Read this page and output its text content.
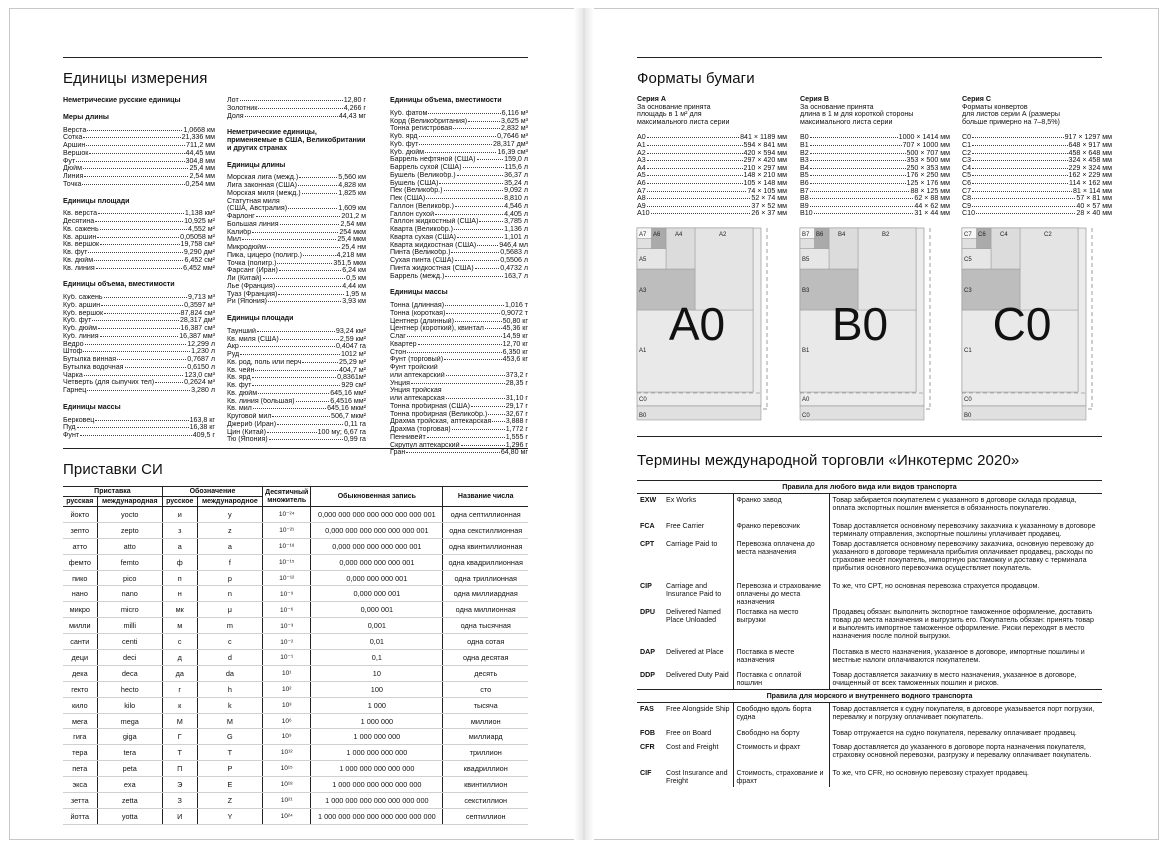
Единицы измерения
Неметрические русские единицы
Меры длины
Верста	1,0668 км
Сотка	21,336 мм
Аршин	711,2 мм
Вершок	44,45 мм
Фут	304,8 мм
Дюйм	25,4 мм
Линия	2,54 мм
Точка	0,254 мм
Единицы площади
Кв. верста	1,138 км²
Десятина	10,925 м²
Кв. сажень	4,552 м²
Кв. аршин	0,05058 м²
Кв. вершок	19,758 см²
Кв. фут	9,290 дм²
Кв. дюйм	6,452 см²
Кв. линия	6,452 мм²
Единицы объема, вместимости
Куб. сажень	9,713 м³
Куб. аршин	0,3597 м³
Куб. вершок	87,824 см³
Куб. фут	28,317 дм³
Куб. дюйм	16,387 см³
Куб. линия	16,387 мм³
Ведро	12,299 л
Штоф	1,230 л
Бутылка винная	0,7687 л
Бутылка водочная	0,6150 л
Чарка	123,0 см³
Четверть (для сыпучих тел)	0,2624 м³
Гарнец	3,280 л
Единицы массы
Берковец	163,8 кг
Пуд	16,38 кг
Фунт	409,5 г
Лот	12,80 г
Золотник	4,266 г
Доля	44,43 мг
Неметрические единицы, применяемые в США, Великобритании и других странах
Единицы длины
Морская лига (межд.)	5,560 км
Лига законная (США)	4,828 км
Морская миля (межд.)	1,825 км
Статутная миля
(США, Австралия)	1,609 км
Фарлонг	201,2 м
Большая линия	2,54 мм
Калибр	254 мкм
Мил	25,4 мкм
Микродюйм	25,4 нм
Пика, цицеро (полигр.)	4,218 мм
Точка (полигр.)	351,5 мкм
Фарсанг (Иран)	6,24 км
Ли (Китай)	0,5 км
Лье (Франция)	4,44 км
Туаз (Франция)	1,95 м
Ри (Япония)	3,93 км
Единицы площади
Таунший	93,24 км²
Кв. миля (США)	2,59 км²
Акр	0,4047 га
Руд	1012 м²
Кв. род, поль или перч	25,29 м²
Кв. чейн	404,7 м²
Кв. ярд	0,8361м²
Кв. фут	929 см²
Кв. дюйм	645,16 мм²
Кв. линия (большая)	6,4516 мм²
Кв. мил	645,16 мкм²
Круговой мил	506,7 мкм²
Джериб (Иран)	0,11 га
Цин (Китай)	100 му; 6,67 га
Тю (Япония)	0,99 га
Единицы объема, вместимости
Куб. фатом	6,116 м³
Корд (Великобритания)	3,625 м³
Тонна регистровая	2,832 м³
Куб. ярд	0,7646 м³
Куб. фут	28,317 дм³
Куб. дюйм	16,39 см³
Баррель нефтяной (США)	159,0 л
Баррель сухой (США)	115,6 л
Бушель (Великобр.)	36,37 л
Бушель (США)	35,24 л
Пек (Великобр.)	9,092 л
Пек (США)	8,810 л
Галлон (Великобр.)	4,546 л
Галлон сухой	4,405 л
Галлон жидкостный (США)	3,785 л
Кварта (Великобр.)	1,136 л
Кварта сухая (США)	1,101 л
Кварта жидкостная (США)	946,4 мл
Пинта (Великобр.)	0,5683 л
Сухая пинта (США)	0,5506 л
Пинта жидкостная (США)	0,4732 л
Баррель (межд.)	163,7 л
Единицы массы
Тонна (длинная)	1,016 т
Тонна (короткая)	0,9072 т
Центнер (длинный)	50,80 кг
Центнер (короткий), квинтал	45,36 кг
Слаг	14,59 кг
Квартер	12,70 кг
Стон	6,350 кг
Фунт (торговый)	453,6 кг
Фунт тройский
или аптекарский	373,2 г
Унция	28,35 г
Унция тройская
или аптекарская	31,10 г
Тонна пробирная (США)	29,17 г
Тонна пробирная (Великобр.)	32,67 г
Драхма тройская, аптекарская 3,888 г
Драхма (торговая)	1,772 г
Пеннивейт	1,555 г
Скрупул аптекарский	1,296 г
Гран	64,80 мг
Приставки СИ
Приставка		Обозначение		Десятичный множитель	Обыкновенная запись	Название числа
русская	международная	русское	международное			
йокто	yocto	и	y	10⁻²⁴	0,000 000 000 000 000 000 000 001	одна септиллионная
зепто	zepto	з	z	10⁻²¹	0,000 000 000 000 000 000 001	одна секстиллионная
атто	atto	а	a	10⁻¹⁸	0,000 000 000 000 000 001	одна квинтиллионная
фемто	femto	ф	f	10⁻¹⁵	0,000 000 000 000 001	одна квадриллионная
пико	pico	п	p	10⁻¹²	0,000 000 000 001	одна триллионная
нано	nano	н	n	10⁻⁹	0,000 000 001	одна миллиардная
микро	micro	мк	μ	10⁻⁶	0,000 001	одна миллионная
милли	milli	м	m	10⁻³	0,001	одна тысячная
санти	centi	с	c	10⁻²	0,01	одна сотая
деци	deci	д	d	10⁻¹	0,1	одна десятая
дека	deca	да	da	10¹	10	десять
гекто	hecto	г	h	10²	100	сто
кило	kilo	к	k	10³	1 000	тысяча
мега	mega	М	M	10⁶	1 000 000	миллион
гига	giga	Г	G	10⁹	1 000 000 000	миллиард
тера	tera	Т	T	10¹²	1 000 000 000 000	триллион
пета	peta	П	P	10¹⁵	1 000 000 000 000 000	квадриллион
экса	exa	Э	E	10¹⁸	1 000 000 000 000 000 000	квинтиллион
зетта	zetta	З	Z	10²¹	1 000 000 000 000 000 000 000	секстиллион
йотта	yotta	И	Y	10²⁴	1 000 000 000 000 000 000 000 000	септиллион
Форматы бумаги
Серия A
За основание принята
площадь в 1 м² для
максимального листа серии
A0	841 × 1189 мм
A1	594 × 841 мм
A2	420 × 594 мм
A3	297 × 420 мм
A4	210 × 297 мм
A5	148 × 210 мм
A6	105 × 148 мм
A7	74 × 105 мм
A8	52 × 74 мм
A9	37 × 52 мм
A10	26 × 37 мм
Серия B
За основание принята
длина в 1 м для короткой стороны
максимального листа серии
B0	1000 × 1414 мм
B1	707 × 1000 мм
B2	500 × 707 мм
B3	353 × 500 мм
B4	250 × 353 мм
B5	176 × 250 мм
B6	125 × 176 мм
B7	88 × 125 мм
B8	62 × 88 мм
B9	44 × 62 мм
B10	31 × 44 мм
Серия C
Форматы конвертов
для листов серии А (размеры
больше примерно на 7–8,5%)
C0	917 × 1297 мм
C1	648 × 917 мм
C2	458 × 648 мм
C3	324 × 458 мм
C4	229 × 324 мм
C5	162 × 229 мм
C6	114 × 162 мм
C7	81 × 114 мм
C8	57 × 81 мм
C9	40 × 57 мм
C10	28 × 40 мм
A7 A6 A4	A2
A5
A3
A1
C0
B0
A0
B7 B6 B4	B2
B5
B3
B1
A0
C0
B0
C7 C6 C4	C2
C5
C3
C1
C0
B0
C0
Термины международной торговли «Инкотермс 2020»
Правила для любого вида или видов транспорта			
EXW	Ex Works	Франко завод	Товар забирается покупателем с указанного в договоре склада продавца, оплата экспортных пошлин вменяется в обязанность покупателю.
FCA	Free Carrier	Франко перевозчик	Товар доставляется основному перевозчику заказчика к указанному в договоре терминалу отправления, экспортные пошлины уплачивает продавец.
CPT	Carriage Paid to	Перевозка оплачена до места назначения	Товар доставляется основному перевозчику заказчика, основную перевозку до указанного в договоре терминала прибытия оплачивает продавец, расходы по страховке несёт покупатель, импортную растаможку и доставку с терминала прибытия основного перевозчика осуществляет покупатель.
CIP	Carriage and Insurance Paid to	Перевозка и страхование оплачены до места назначения	То же, что CPT, но основная перевозка страхуется продавцом.
DPU	Delivered Named Place Unloaded	Поставка на место выгрузки	Продавец обязан: выполнить экспортное таможенное оформление, доставить товар до места назначения и выгрузить его. Покупатель обязан: принять товар и выполнить импортное таможенное оформление. Риски переходят в место назначения после полной выгрузки.
DAP	Delivered at Place	Поставка в месте назначения	Поставка в место назначения, указанное в договоре, импортные пошлины и местные налоги оплачиваются покупателем.
DDP	Delivered Duty Paid	Поставка с оплатой пошлин	Товар доставляется заказчику в место назначения, указанное в договоре, очищенный от всех таможенных пошлин и рисков.
Правила для морского и внутреннего водного транспорта			
FAS	Free Alongside Ship	Свободно вдоль борта судна	Товар доставляется к судну покупателя, в договоре указывается порт погрузки, перевалку и погрузку оплачивает покупатель.
FOB	Free on Board	Свободно на борту	Товар отгружается на судно покупателя, перевалку оплачивает продавец.
CFR	Cost and Freight	Стоимость и фрахт	Товар доставляется до указанного в договоре порта назначения покупателя, страховку основной перевозки, разгрузку и перевалку оплачивает покупатель.
CIF	Cost Insurance and Freight	Стоимость, страхование и фрахт	То же, что CFR, но основную перевозку страхует продавец.
